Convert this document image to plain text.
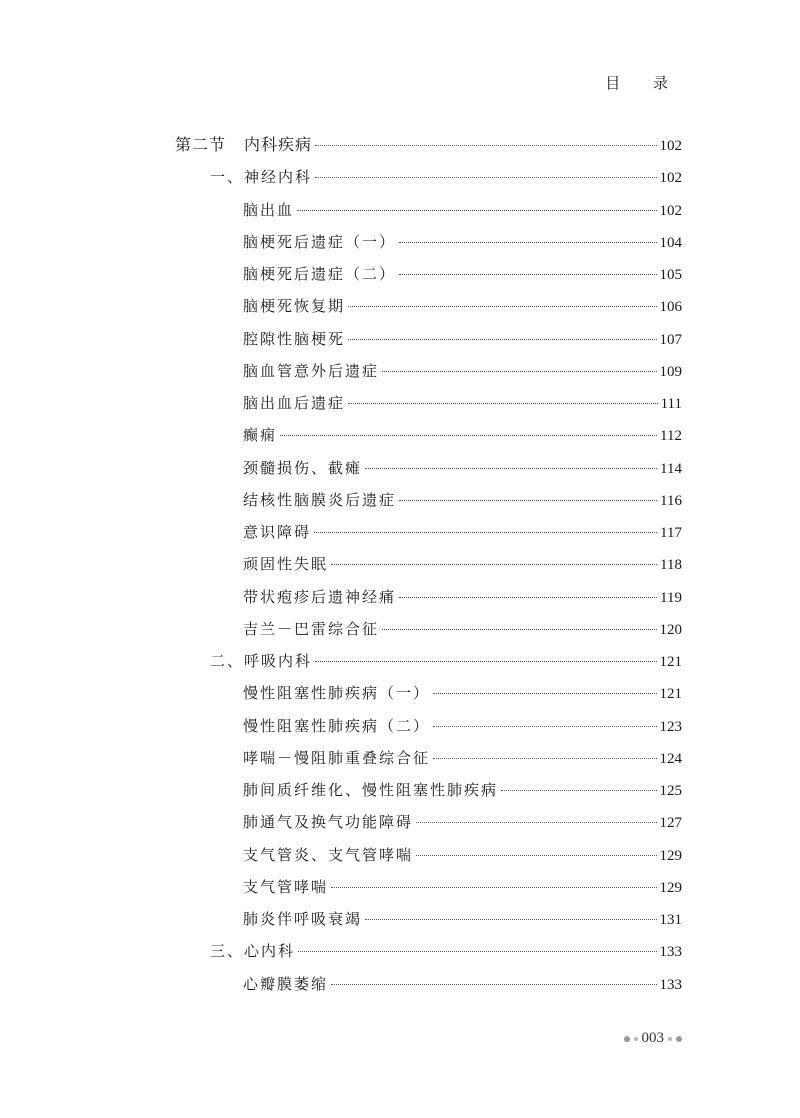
目 录
第二节 内科疾病	102
一、神经内科	102
脑出血	102
脑梗死后遗症（一）	104
脑梗死后遗症（二）	105
脑梗死恢复期	106
腔隙性脑梗死	107
脑血管意外后遗症	109
脑出血后遗症	111
癫痫	112
颈髓损伤、截瘫	114
结核性脑膜炎后遗症	116
意识障碍	117
顽固性失眠	118
带状疱疹后遗神经痛	119
吉兰－巴雷综合征	120
二、呼吸内科	121
慢性阻塞性肺疾病（一）	121
慢性阻塞性肺疾病（二）	123
哮喘－慢阻肺重叠综合征	124
肺间质纤维化、慢性阻塞性肺疾病	125
肺通气及换气功能障碍	127
支气管炎、支气管哮喘	129
支气管哮喘	129
肺炎伴呼吸衰竭	131
三、心内科	133
心瓣膜萎缩	133
003
